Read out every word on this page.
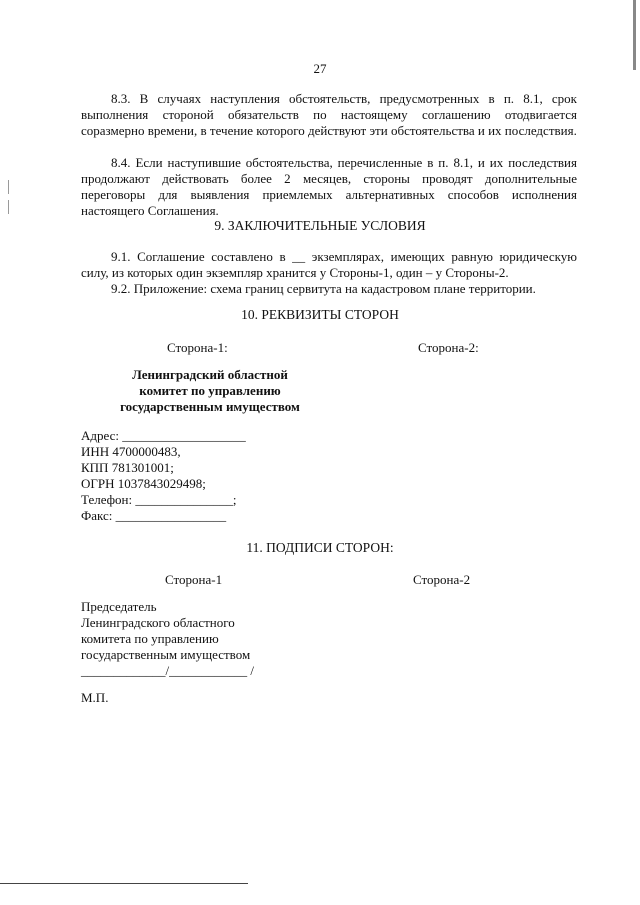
27

8.3. В случаях наступления обстоятельств, предусмотренных в п. 8.1, срок выполнения стороной обязательств по настоящему соглашению отодвигается соразмерно времени, в течение которого действуют эти обстоятельства и их последствия.

8.4. Если наступившие обстоятельства, перечисленные в п. 8.1, и их последствия продолжают действовать более 2 месяцев, стороны проводят дополнительные переговоры для выявления приемлемых альтернативных способов исполнения настоящего Соглашения.

9. ЗАКЛЮЧИТЕЛЬНЫЕ УСЛОВИЯ

9.1. Соглашение составлено в __ экземплярах, имеющих равную юридическую силу, из которых один экземпляр хранится у Стороны-1, один – у Стороны-2.

9.2. Приложение: схема границ сервитута на кадастровом плане территории.

10. РЕКВИЗИТЫ СТОРОН
Сторона-1:	Сторона-2:
Ленинградский областной
комитет по управлению
государственным имуществом
Адрес: ___________________
ИНН 4700000483,
КПП 781301001;
ОГРН 1037843029498;
Телефон: _______________;
Факс: _________________
11. ПОДПИСИ СТОРОН:
Сторона-1	Сторона-2
Председатель
Ленинградского областного
комитета по управлению
государственным имуществом
_____________/____________ /
М.П.
